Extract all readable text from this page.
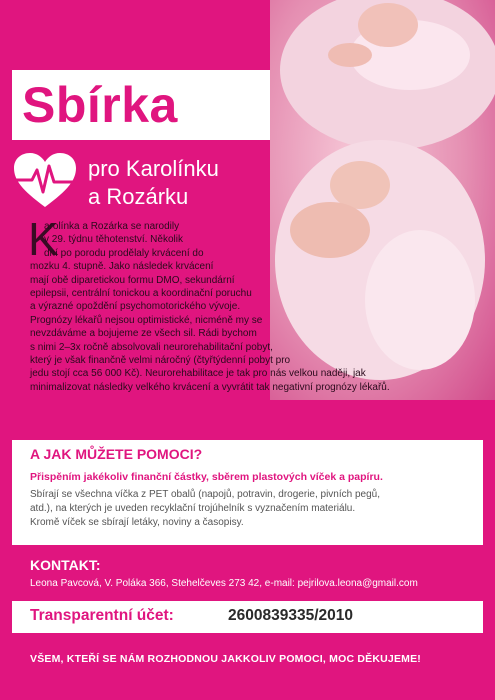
Sbírka
pro Karolínku
a Rozárku
K

arolínka a Rozárka se narodily
v 29. týdnu těhotenství. Několik
dní po porodu prodělaly krvácení do
mozku 4. stupně. Jako následek krvácení
mají obě diparetickou formu DMO, sekundární
epilepsii, centrální tonickou a koordinační poruchu
a výrazné opoždění psychomotorického vývoje.
Prognózy lékařů nejsou optimistické, nicméně my se
nevzdáváme a bojujeme ze všech sil. Rádi bychom
s nimi 2–3x ročně absolvovali neurorehabilitační pobyt,
který je však finančně velmi náročný (čtyřtýdenní pobyt pro
jedu stojí cca 56 000 Kč). Neurorehabilitace je tak pro nás velkou naději, jak
minimalizovat následky velkého krvácení a vyvrátit tak negativní prognózy lékařů.

A JAK MŮŽETE POMOCI?
Přispěním jakékoliv finanční částky, sběrem plastových víček a papíru.

Sbírají se všechna víčka z PET obalů (napojů, potravin, drogerie, pivních pegů,
atd.), na kterých je uveden recyklační trojúhelník s vyznačením materiálu.
Kromě víček se sbírají letáky, noviny a časopisy.

KONTAKT:
Leona Pavcová, V. Poláka 366, Stehelčeves 273 42, e-mail: pejrilova.leona@gmail.com
Transparentní účet:	2600839335/2010
VŠEM, KTEŘÍ SE NÁM ROZHODNOU JAKKOLIV POMOCI, MOC DĚKUJEME!
